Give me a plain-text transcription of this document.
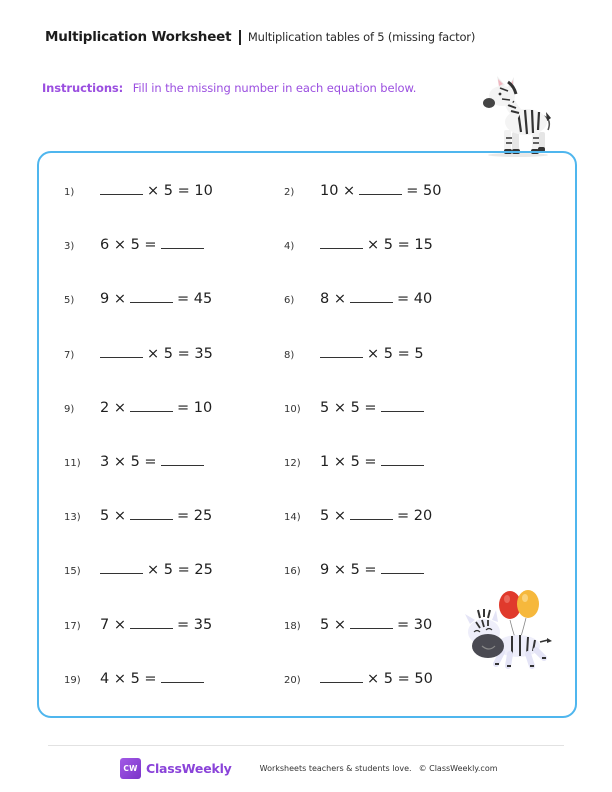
Multiplication Worksheet Multiplication tables of 5 (missing factor)
Instructions: Fill in the missing number in each equation below.
1)	× 5 = 10	2)	10 ×	= 50
3)	6 × 5 =	4)	× 5 = 15
5)	9 ×	= 45	6)	8 ×	= 40
7)	× 5 = 35	8)	× 5 = 5
9)	2 ×	= 10	10)	5 × 5 =
11)	3 × 5 =	12)	1 × 5 =
13)	5 ×	= 25	14)	5 ×	= 20
15)	× 5 = 25	16)	9 × 5 =
17)	7 ×	= 35	18)	5 ×	= 30
19)	4 × 5 =	20)	× 5 = 50
CW ClassWeekly	Worksheets teachers & students love. © ClassWeekly.com
